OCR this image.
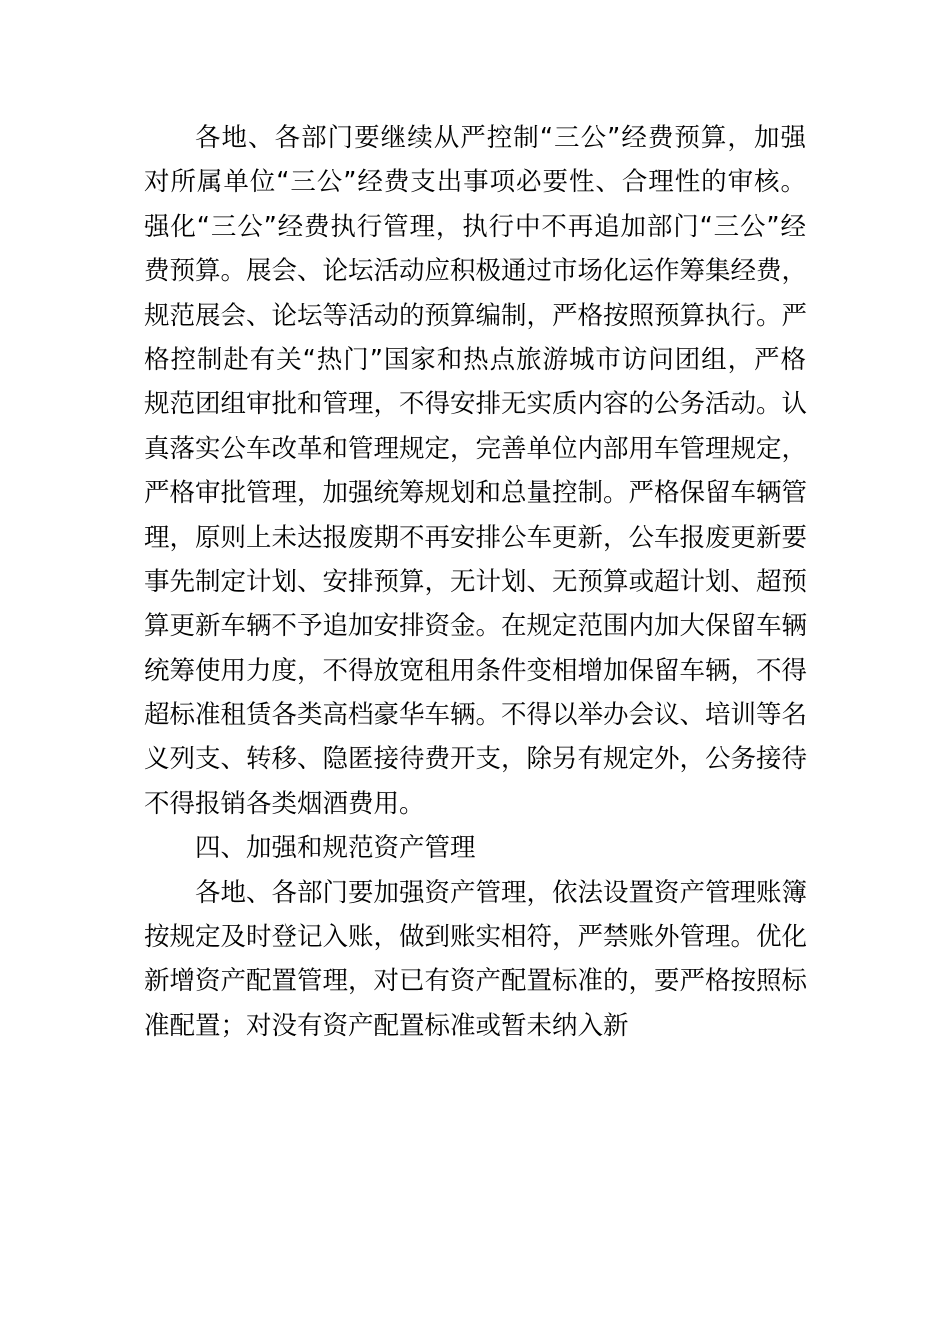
各地、各部门要继续从严控制“三公”经费预算，加强
对所属单位“三公”经费支出事项必要性、合理性的审核。
强化“三公”经费执行管理，执行中不再追加部门“三公”经
费预算。展会、论坛活动应积极通过市场化运作筹集经费，
规范展会、论坛等活动的预算编制，严格按照预算执行。严
格控制赴有关“热门”国家和热点旅游城市访问团组，严格
规范团组审批和管理，不得安排无实质内容的公务活动。认
真落实公车改革和管理规定，完善单位内部用车管理规定，
严格审批管理，加强统筹规划和总量控制。严格保留车辆管
理，原则上未达报废期不再安排公车更新，公车报废更新要
事先制定计划、安排预算，无计划、无预算或超计划、超预
算更新车辆不予追加安排资金。在规定范围内加大保留车辆
统筹使用力度，不得放宽租用条件变相增加保留车辆，不得
超标准租赁各类高档豪华车辆。不得以举办会议、培训等名
义列支、转移、隐匿接待费开支，除另有规定外，公务接待
不得报销各类烟酒费用。
四、加强和规范资产管理
各地、各部门要加强资产管理，依法设置资产管理账簿
按规定及时登记入账，做到账实相符，严禁账外管理。优化
新增资产配置管理，对已有资产配置标准的，要严格按照标
准配置；对没有资产配置标准或暂未纳入新
